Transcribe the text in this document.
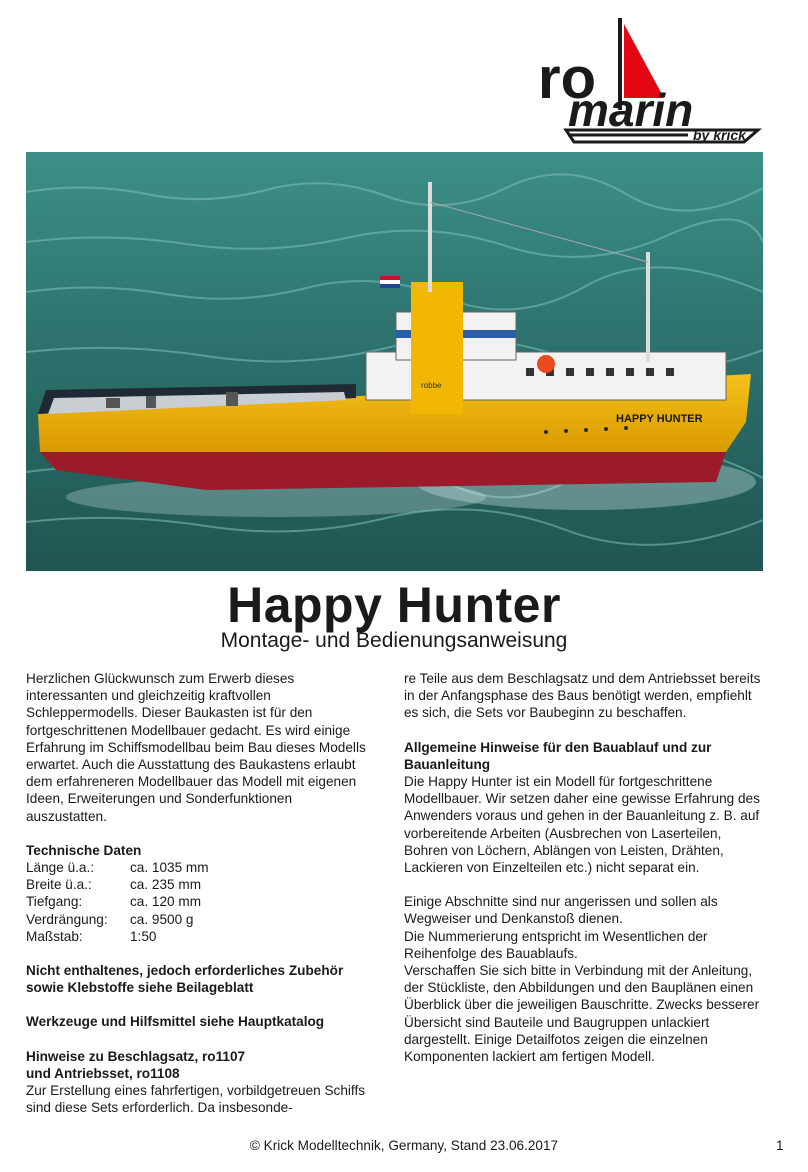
ro
marin by krick
robbe
HAPPY HUNTER
Happy Hunter
Montage- und Bedienungsanweisung

Herzlichen Glückwunsch zum Erwerb dieses interessanten und gleichzeitig kraftvollen Schleppermodells. Dieser Baukasten ist für den fortgeschrittenen Modellbauer gedacht. Es wird einige Erfahrung im Schiffsmodellbau beim Bau dieses Modells erwartet. Auch die Ausstattung des Baukastens erlaubt dem erfahreneren Modellbauer das Modell mit eigenen Ideen, Erweiterungen und Sonderfunktionen auszustatten.

Technische Daten

Länge ü.a.:	ca. 1035 mm
Breite ü.a.:	ca. 235 mm
Tiefgang:	ca. 120 mm
Verdrängung:	ca. 9500 g
Maßstab:	1:50

Nicht enthaltenes, jedoch erforderliches Zubehör

sowie Klebstoffe siehe Beilageblatt

Werkzeuge und Hilfsmittel siehe Hauptkatalog

Hinweise zu Beschlagsatz, ro1107

und Antriebsset, ro1108

Zur Erstellung eines fahrfertigen, vorbildgetreuen Schiffs sind diese Sets erforderlich. Da insbesonde-

re Teile aus dem Beschlagsatz und dem Antriebsset bereits in der Anfangsphase des Baus benötigt werden, empfiehlt es sich, die Sets vor Baubeginn zu beschaffen.

Allgemeine Hinweise für den Bauablauf und zur Bauanleitung

Die Happy Hunter ist ein Modell für fortgeschrittene Modellbauer. Wir setzen daher eine gewisse Erfahrung des Anwenders voraus und gehen in der Bauanleitung z. B. auf vorbereitende Arbeiten (Ausbrechen von Laserteilen, Bohren von Löchern, Ablängen von Leisten, Drähten, Lackieren von Einzelteilen etc.) nicht separat ein.

Einige Abschnitte sind nur angerissen und sollen als Wegweiser und Denkanstoß dienen.

Die Nummerierung entspricht im Wesentlichen der Reihenfolge des Bauablaufs.

Verschaffen Sie sich bitte in Verbindung mit der Anleitung, der Stückliste, den Abbildungen und den Bauplänen einen Überblick über die jeweiligen Bauschritte. Zwecks besserer Übersicht sind Bauteile und Baugruppen unlackiert dargestellt. Einige Detailfotos zeigen die einzelnen Komponenten lackiert am fertigen Modell.

© Krick Modelltechnik, Germany, Stand 23.06.2017	1
